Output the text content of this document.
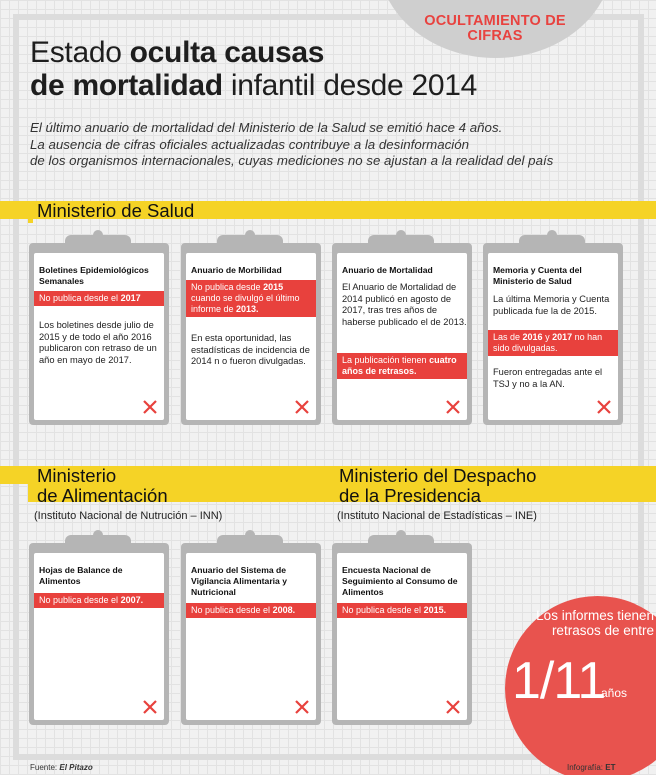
OCULTAMIENTO DE CIFRAS
Estado oculta causas
de mortalidad infantil desde 2014
El último anuario de mortalidad del Ministerio de la Salud se emitió hace 4 años.
La ausencia de cifras oficiales actualizadas contribuye a la desinformación
de los organismos internacionales, cuyas mediciones no se ajustan a la realidad del país
Ministerio de Salud
Boletines Epidemiológicos Semanales
No publica desde el 2017
Los boletines desde julio de 2015 y de todo el año 2016 publicaron con retraso de un año en mayo de 2017.
Anuario de Morbilidad
No publica desde 2015 cuando se divulgó el último informe de 2013.
En esta oportunidad, las estadísticas de incidencia de 2014 n o fueron divulgadas.
Anuario de Mortalidad
El Anuario de Mortalidad de 2014 publicó en agosto de 2017, tras tres años de haberse publicado el de 2013.
La publicación tienen cuatro años de retrasos.
Memoria y Cuenta del Ministerio de Salud
La última Memoria y Cuenta publicada fue la de 2015.
Las de 2016 y 2017 no han sido divulgadas.
Fueron entregadas ante el TSJ y no a la AN.
Ministerio
de Alimentación
(Instituto Nacional de Nutrución – INN)
Ministerio del Despacho
de la Presidencia
(Instituto Nacional de Estadísticas – INE)
Hojas de Balance de Alimentos
No publica desde el 2007.
Anuario del Sistema de Vigilancia Alimentaria y Nutricional
No publica desde el 2008.
Encuesta Nacional de Seguimiento al Consumo de Alimentos
No publica desde el 2015.	Los informes tienen retrasos de entre
1/11
años
Fuente: El Pitazo	Infografía: ET
